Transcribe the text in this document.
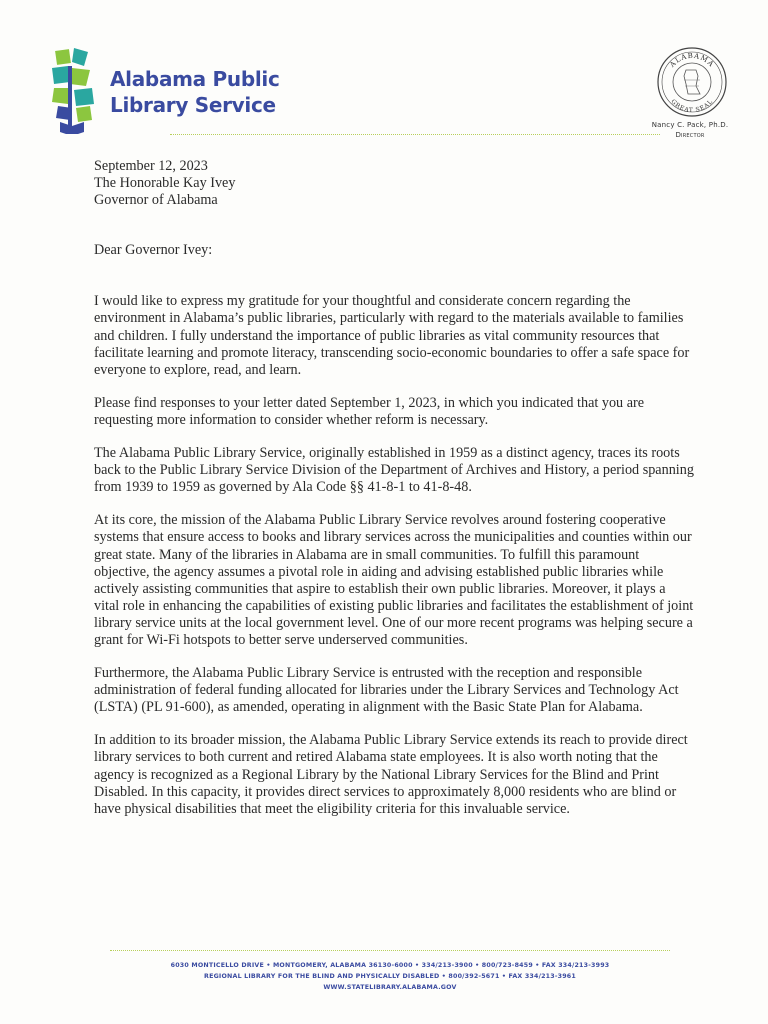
Alabama Public
Library Service
ALABAMA
GREAT SEAL
Nancy C. Pack, Ph.D.
Director

September 12, 2023

The Honorable Kay Ivey

Governor of Alabama

Dear Governor Ivey:

I would like to express my gratitude for your thoughtful and considerate concern regarding the environment in Alabama’s public libraries, particularly with regard to the materials available to families and children. I fully understand the importance of public libraries as vital community resources that facilitate learning and promote literacy, transcending socio-economic boundaries to offer a safe space for everyone to explore, read, and learn.

Please find responses to your letter dated September 1, 2023, in which you indicated that you are requesting more information to consider whether reform is necessary.

The Alabama Public Library Service, originally established in 1959 as a distinct agency, traces its roots back to the Public Library Service Division of the Department of Archives and History, a period spanning from 1939 to 1959 as governed by Ala Code §§ 41-8-1 to 41-8-48.

At its core, the mission of the Alabama Public Library Service revolves around fostering cooperative systems that ensure access to books and library services across the municipalities and counties within our great state. Many of the libraries in Alabama are in small communities. To fulfill this paramount objective, the agency assumes a pivotal role in aiding and advising established public libraries while actively assisting communities that aspire to establish their own public libraries. Moreover, it plays a vital role in enhancing the capabilities of existing public libraries and facilitates the establishment of joint library service units at the local government level. One of our more recent programs was helping secure a grant for Wi-Fi hotspots to better serve underserved communities.

Furthermore, the Alabama Public Library Service is entrusted with the reception and responsible administration of federal funding allocated for libraries under the Library Services and Technology Act (LSTA) (PL 91-600), as amended, operating in alignment with the Basic State Plan for Alabama.

In addition to its broader mission, the Alabama Public Library Service extends its reach to provide direct library services to both current and retired Alabama state employees. It is also worth noting that the agency is recognized as a Regional Library by the National Library Services for the Blind and Print Disabled. In this capacity, it provides direct services to approximately 8,000 residents who are blind or have physical disabilities that meet the eligibility criteria for this invaluable service.

6030 MONTICELLO DRIVE • MONTGOMERY, ALABAMA 36130-6000 • 334/213-3900 • 800/723-8459 • FAX 334/213-3993
REGIONAL LIBRARY FOR THE BLIND AND PHYSICALLY DISABLED • 800/392-5671 • FAX 334/213-3961
WWW.STATELIBRARY.ALABAMA.GOV
